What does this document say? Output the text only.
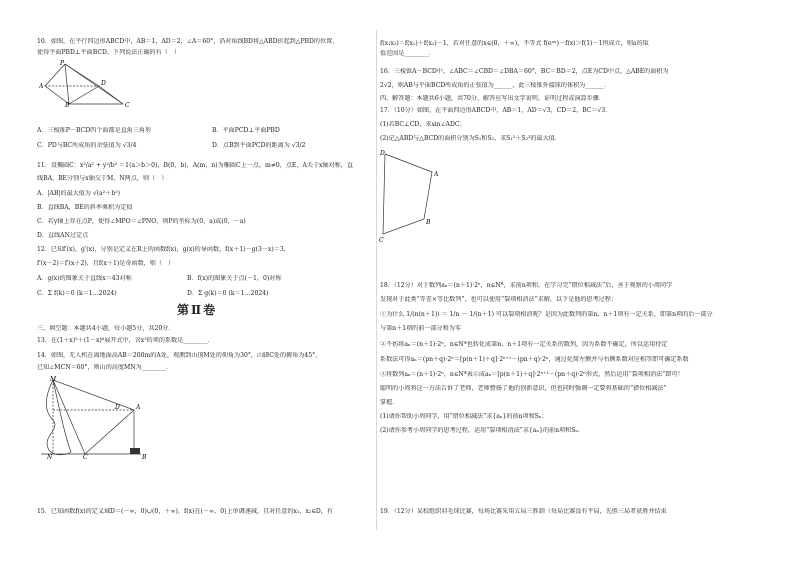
10．如图，在平行四边形ABCD中，AB＝1，AD＝2，∠A＝60°，沿对角线BD将△ABD折起到△PBD的位置，
使得平面PBD⊥平面BCD，下列说法正确的有（　）
P
A
B	C
D
A．三棱锥P－BCD四个面都是直角三角形	B．平面PCD⊥平面PBD
C．PD与BC所成角的余弦值为 √3/4	D．点B到平面PCD的距离为 √3/2
11．设椭圆C：x²/a² + y²/b² ＝1(a＞b＞0)，B(0，b)，A(m，n)为椭圆C上一点，m≠0，点E，A关于x轴对称，直
线BA，BE分别与x轴交于M，N两点，则（　）
A．|AB|的最大值为 √(a²＋b²)
B．直线BA，BE的斜率乘积为定值
C．若y轴上存在点P，使得∠MPO＝∠PNO，则P的坐标为(0，a)或(0，－a)
D．直线AN过定点
12．已知f′(x)，g′(x)，分别是定义在R上的函数f(x)，g(x)的导函数，f(x＋1)－g(3－x)＝3，
f′(x－2)＝f′(x＋2)，且f(x＋1)是奇函数，则（　）
A．g(x)的图象关于直线x＝43对称	B．f(x)的图象关于点(－1，0)对称
C．Σ f(k)＝0 (k＝1…2024)	D．Σ g(k)＝0 (k＝1…2024)
第Ⅱ卷
三、填空题：本题共4小题，每小题5分，共20分．
13．在(1＋x)⁵＋(1－x)⁶展开式中，含x³的项的系数是________．
14．如图，无人机在离地面高AB＝200m的A处，观测到山顶M处的仰角为30°，山脚C处的俯角为45°，
已知∠MCN＝60°，则山的高度MN为________．
M
A
D
N	C	B
15．已知函数f(x)的定义域D＝(－∞，0)∪(0，＋∞)，f(x)在(－∞，0)上单调递减，且对任意的x₁，x₂∈D，有
f(x₁x₂)＝f(x₁)＋f(x₂)－1，若对任意的x∈(0，＋∞)，不等式 f(eᵃˣ)－f(x)＞f(1)－1恒成立，则a的取
值范围是________．
16．三棱锥A－BCD中，∠ABC＝∠CBD＝∠DBA＝60°，BC＝BD＝2，点E为CD中点，△ABE的面积为
2√2，则AB与平面BCD所成角的正弦值为______，此三棱锥外接球的体积为______．
四、解答题：本题共6小题，共70分，解答应写出文字说明、证明过程或演算步骤．
17．（10分）如图，在平面四边形ABCD中，AB＝1，AD＝√3，CD＝2，BC＝√3．
(1)若BC⊥CD，求sin∠ADC；
(2)记△ABD与△BCD的面积分别为S₁和S₂，求S₁²＋S₂²的最大值．
D
A
B
C
18．（12分）对于数列aₙ＝(n＋1)·2ⁿ，n∈N*，求前n项和，在学习完“错位相减法”后，善于观察的小周同学
发现对于此类“等差×等比数列”，也可以使用“裂项相消法”求解，以下是他的思考过程：
①为什么 1/(n(n＋1)) ＝ 1/n － 1/(n＋1) 可以裂项相消呢？是因为此数列的第n，n＋1项有一定关系，即第n项的后一部分
与第n＋1项的前一部分和为零
②不妨将aₙ＝(n＋1)·2ⁿ，n∈N*也转化成第n，n＋1项有一定关系的数列，因为系数不确定，所以运用待定
系数法可得aₙ＝(pn＋q)·2ⁿ＝[p(n＋1)＋q]·2ⁿ⁺¹－(pn＋q)·2ⁿ，通过化简左侧并与右侧系数对应相等即可确定系数
③将数列aₙ＝(n＋1)·2ⁿ，n∈N*表示成aₙ＝[p(n＋1)＋q]·2ⁿ⁺¹－(pn＋q)·2ⁿ形式，然后运用“裂项相消法”即可！
聪明的小周将这一方法告诉了老师，老师赞扬了他的创新意识，但也同时强调一定要将基础的“错位相减法”
掌握．
(1)请你帮助小周同学，用“错位相减法”求{aₙ}的前n项和Sₙ；
(2)请你参考小周同学的思考过程，运用“裂项相消法”求{aₙ}的前n项和Sₙ．
19．（12分）某校组织羽毛球比赛，每场比赛采用五局三胜制（每局比赛没有平局，先胜三局者获胜并结束
